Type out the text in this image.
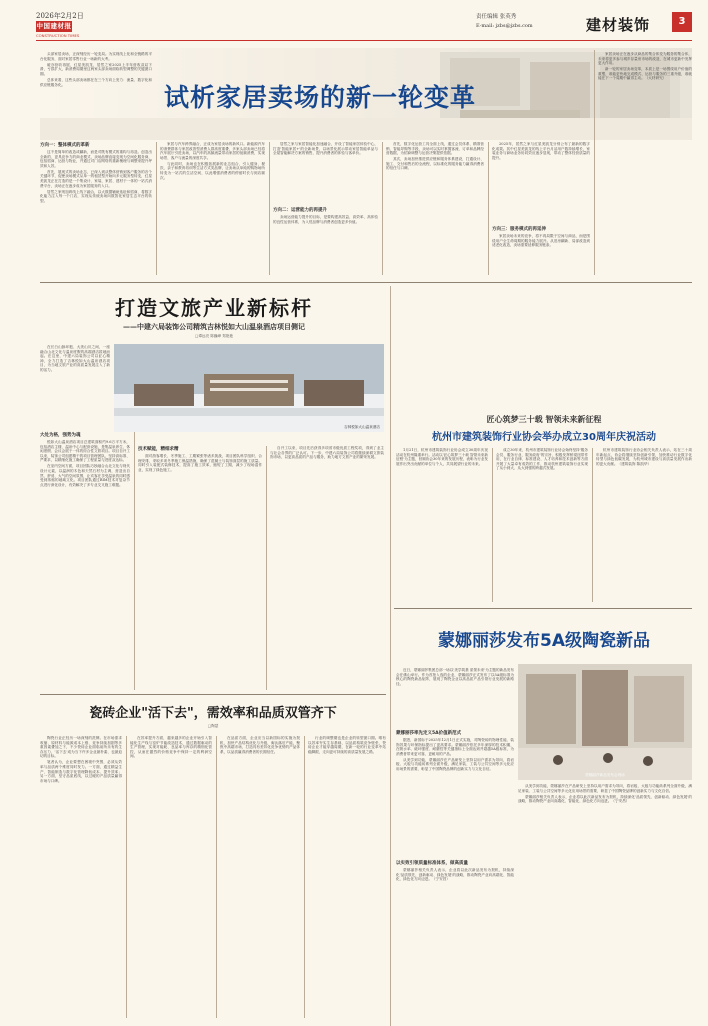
2026年2月2日
中国建材报
CONSTRUCTION TIMES
责任编辑 张英秀
E-mail: jzbs@jzbs.com	建材装饰	3
试析家居卖场的新一轮变革

头部家居卖场，正深刻经历一轮变局。为实现线上化和全链路的平台化服务，面对家居零售行业一场新的大考。

破亦营收再展，红星美凯龙，居然之家2025上半年营收双双下滑，亏损扩大，新消费周期里这两家头部卖场面临转型调整的关键窗口期。

总体来看，这些头部卖场都在在三个方向上发力：流量、数字化和供应链服务化。

方向一：整体模式的革新

这不是简单的改造或翻新，而是对既有模式的重构与再造。创造出全新的、更具竞争力的商业模式，卖场品牌直接变现为空间化服务商，包括招商、运营与物业，并通过对门店网络的重新梳理与调整来提升坪效和人效。

首先，展现式的卖场业态，已深入到从整体营销到客户服务的各个关键环节，促使卖场模式从单一的租赁型开始向多元服务型转变，红星美凯龙正在打造的是一个集设计、家装、家居、建材于一体的一站式消费平台，卖场正在逐步成为家居服务的入口。

居然之家则加码线上线下融合，以大数据辅助选址和招商，将数字化能力注入每一个门店，实现从传统卖场向数智化家居生态平台的转型。

家居与汽车跨界融合，正成为家居卖场的新风口。新能源汽车的消费群体与家居改善型消费人群高度重叠，多家头部卖场已经将汽车展厅引进卖场，以汽车的高频流量带动家居的低频消费，实现场景、客户与流量的深度共享。

与此同时，卖场也在积极拓展新的业态组合，引入健身、餐饮、亲子和教育培训等生活方式类品牌，让卖场从单纯的购物场所转变为一站式的生活空间，以此增强消费者的停留时长与到店频次。

居然之家与家居智能化加速融合，开设了智能家居体验中心，打造'智能家居+'的全新场景，以场景化展示带动家居智能单品与全屋智能解决方案的销售，提升消费者的体验与客单价。

方向二：运营能力的再提升

卖场运营能力提升的目标，是要构建高效益、高效率、高体验的良性运营体系，为入驻品牌与消费者创造更多价值。

首先，数字化运营工具全面上线，通过会员体系、精准营销、智能导购等手段，卖场可以实时掌握客流、订单和品牌经营数据，为招商调整与运营决策提供依据。

其次，卖场加快推进供应链和服务体系建设，打通设计、施工、交付和售后的全流程，以标准化的服务能力赢得消费者的信任与口碑。

2025年，居然之家与红星美凯龙分别公布了最新的数字化成果。其中红星美凯龙的线上平台月活用户数持续增长，家装业务与商场业务协同效应逐步显现，带动了整体经营质量的提升。

方向三：服务模式的再延伸

家居卖场未来的竞争，将不再局限于空间与商品，而是围绕用户全生命周期的服务能力展开。从旧房翻新、局部改造到适老化改造，卖场需要延伸服务链条。

家居卖场正在逐步从商品的集合体变为服务的集合体，未来将更多参与城乡存量房市场的改造，在城市更新中发挥更大作用。

新一轮的家居卖场变革，本质上是一场围绕用户价值的重塑，谁能更快地完成模式、运营与服务的三重升级，谁就能在下一个周期中赢得主动。（大材研究）

打造文旅产业新标杆
——中建六局装饰公司精筑吉林悦如大山温泉酒店项目侧记
□谭远亮 陈巍峰 郑艳艳

在长白山脉环抱、大美山川之间，一座融合山北文化与温泉度假的高端酒店拔地而起。在这里，中建六局装饰公司以匠心精神，全力打造了吉林悦如大山温泉酒店项目，为当地文旅产业的高质量发展注入了新的活力。

吉林悦如大山温泉酒店
大处为格，强势为魂

悦如大山温泉酒店项目总建筑面积约9.6万平方米，包括酒店主楼、温泉中心与配套设施，是集温泉养生、休闲度假、会议会展于一体的综合性文旅项目。项目自开工以来，装饰公司组建精干的项目管理团队，坚持高标准、严要求，以精细化施工确保了工程质量与进度双达标。

在室内空间方面，项目团队巧妙融合山北文化与现代设计元素，以温润的木色和天然石材为主调，营造出自然、舒适、大气的空间氛围，让宾客在享受温泉的同时感受到浓郁的地域文化。项目团队通过BIM技术对复杂节点进行深化设计，有效解决了多专业交叉施工难题。

技术赋能，精细求精

面对游客增长、冬季施工、工期紧张等诸多挑战，项目团队科学组织、合理安排，采取多项冬季施工保温措施，确保了混凝土与装饰面层的施工质量。同时引入装配式装修技术，提高了施工效率，缩短了工期，减少了现场湿作业，实现了绿色施工。

自开工以来，项目先后获得多项省市级优质工程奖项，得到了业主与社会各界的广泛认可。下一步，中建六局装饰公司将继续深耕文旅装饰市场，以更高品质的产品与服务，助力地方文旅产业的繁荣发展。

匠心筑梦三十载 智领未来新征程
杭州市建筑装饰行业协会举办成立30周年庆祝活动

1月21日，杭州市建筑装饰行业协会成立30周年庆祝活动在杭州隆重举行。活动以'匠心筑梦三十载 智领未来新征程'为主题，回顾协会30年来的发展历程，表彰为行业发展作出突出贡献的单位与个人，共同展望行业的未来。

成立30年来，杭州市建筑装饰行业协会始终坚持'服务会员、服务行业、服务政府'的宗旨，积极发挥桥梁纽带作用，在行业自律、标准建设、人才培养和技术创新等方面开展了大量卓有成效的工作，推动杭州建筑装饰行业实现了从小到大、从大到强的跨越式发展。

杭州市建筑装饰行业协会相关负责人表示，站在三十周年新起点，协会将继续坚持创新引领，加快推动行业数字化转型与绿色低碳发展，为杭州城市建设与高质量发展作出新的更大贡献。（建筑装饰 陈凯华）

蒙娜丽莎发布5A级陶瓷新品

近日，蒙娜丽莎集团总部一场以'美学筑基 质领未来'为主题的新品发布会在佛山举行。作为首批入选的企业，蒙娜丽莎正式发布了以5A级标准为核心的陶瓷新品矩阵，展现了陶瓷企业以高品质产品引领行业发展的新路径。

蒙娜丽莎率先定义5A价值新范式

据悉，新国标于2025年12月1日正式实施，对陶瓷砖的物理性能、装饰效果与环保指标提出了更高要求。蒙娜丽莎依托多年深厚的技术积累，在吸水率、破坏强度、耐磨性等关键指标上全面达到并超越5A级标准，为消费者带来更可靠、更耐用的产品。

从美学到功能，蒙娜丽莎在产品研发上坚持以用户需求为导向，将岩板、大板与功能砖系列全面升级，满足家装、工装与公共空间等多元化应用场景的需要，彰显了中国陶瓷品牌的创新实力与文化自信。

以实效引领质量标准体系，做高质量

蒙娜丽莎相关负责人表示，企业将以此次新品发布为契机，持续深化'品质领先、创新驱动、绿色发展'的战略，推动陶瓷产业向高端化、智能化、绿色化方向迈进。（宁安昌）

蒙娜丽莎新品发布会现场

从美学到功能，蒙娜丽莎在产品研发上坚持以用户需求为导向，将岩板、大板与功能砖系列全面升级，满足家装、工装与公共空间等多元化应用场景的需要，彰显了中国陶瓷品牌的创新实力与文化自信。

蒙娜丽莎相关负责人表示，企业将以此次新品发布为契机，持续深化'品质领先、创新驱动、绿色发展'的战略，推动陶瓷产业向高端化、智能化、绿色化方向迈进。（宁安昌）

瓷砖企业"活下去"，需效率和品质双管齐下
□陶瑟

陶瓷行业正经历一场深刻的洗牌。在市场需求收缩、原材料与能源成本上涨、竞争持续加剧等多重因素叠加之下，不少瓷砖企业面临前所未有的生存压力，'活下去'成为当下许多企业最朴素、也最迫切的目标。

笔者认为，企业要想在困境中突围，必须从效率与品质两个维度同时发力。一方面，通过精益生产、智能制造与数字化管理降低成本、提升效率；另一方面，坚守品质底线，以过硬的产品质量赢得市场与口碑。

在效率提升方面，越来越多的企业开始引入智能化生产线与窑炉节能改造技术，通过数据驱动的生产管理，实现对能耗、良品率与库存的精细化管控，从而在激烈的价格竞争中保持一定的利润空间。

在品质方面，企业应当以新国标的实施为契机，加快产品结构优化与升级，淘汰落后产能，聚焦中高端市场，打造具有差异化竞争优势的产品体系，以品质赢得消费者的长期信任。

行业的调整期也是企业的转型窗口期。唯有以效率夯实生存基础、以品质构筑竞争壁垒，瓷砖企业才能穿越周期，在新一轮的行业变革中站稳脚跟，走向更可持续的高质量发展之路。
